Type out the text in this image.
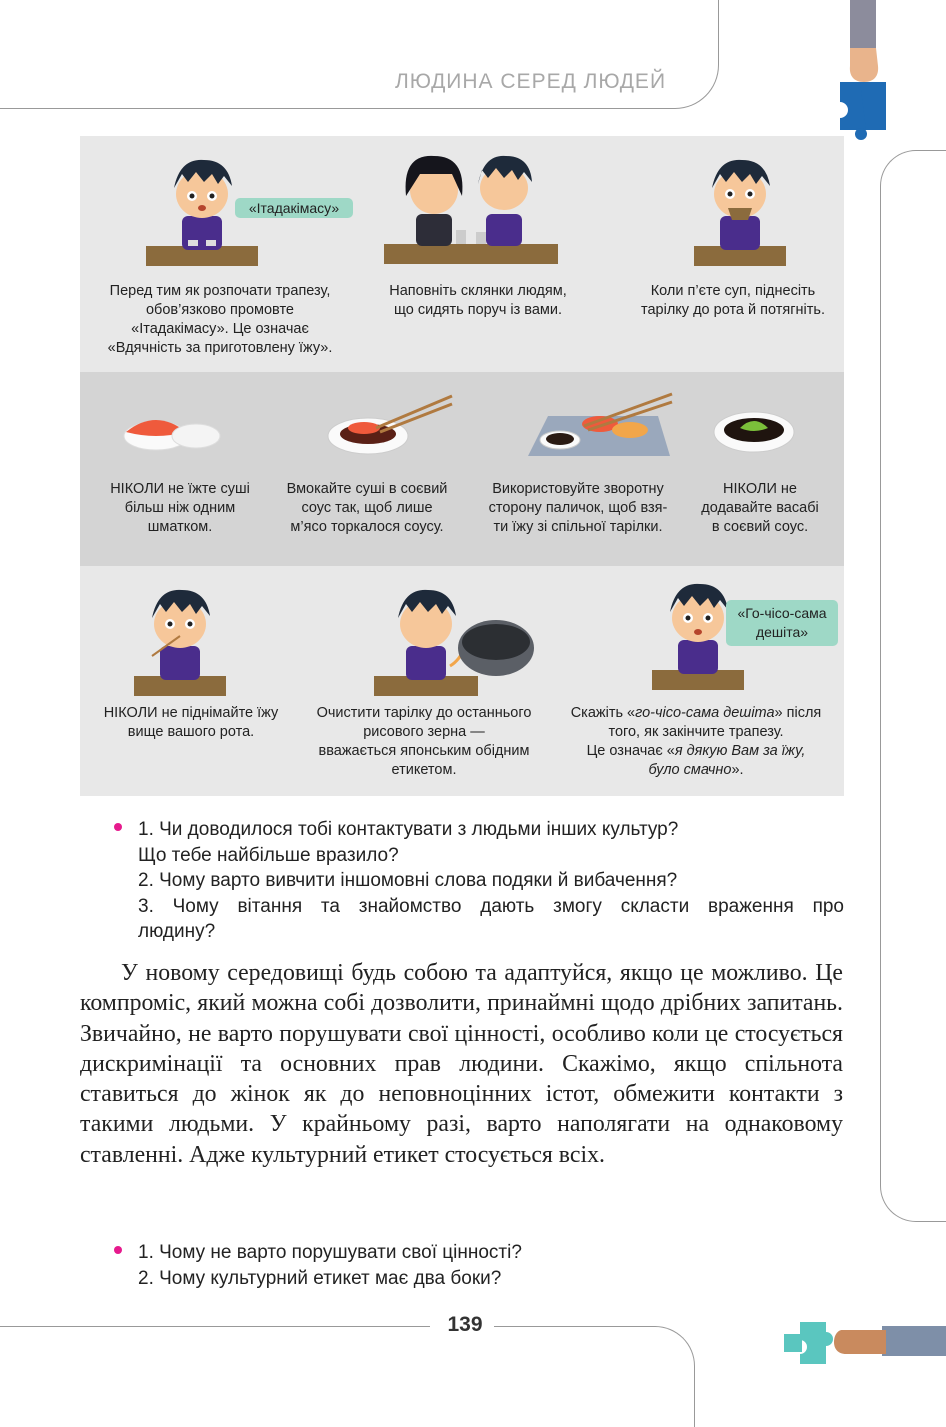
ЛЮДИНА СЕРЕД ЛЮДЕЙ
«Ітадакімасу»
Перед тим як розпочати трапезу,
обов’язково промовте
«Ітадакімасу». Це означає
«Вдячність за приготовлену їжу».
Наповніть склянки людям,
що сидять поруч із вами.
Коли п’єте суп, піднесіть
тарілку до рота й потягніть.
НІКОЛИ не їжте суші
більш ніж одним
шматком.
Вмокайте суші в соєвий
соус так, щоб лише
м’ясо торкалося соусу.
Використовуйте зворотну
сторону паличок, щоб взя-
ти їжу зі спільної тарілки.
НІКОЛИ не
додавайте васабі
в соєвий соус.
«Го-чісо-сама
дешіта»
НІКОЛИ не піднімайте їжу
вище вашого рота.
Очистити тарілку до останнього
рисового зерна —
вважається японським обідним
етикетом.
Скажіть «го-чісо-сама дешіта» після
того, як закінчите трапезу.
Це означає «я дякую Вам за їжу,
було смачно».
1. Чи доводилося тобі контактувати з людьми інших культур?
Що тебе найбільше вразило?
2. Чому варто вивчити іншомовні слова подяки й вибачення?
3. Чому вітання та знайомство дають змогу скласти враження про
людину?

У новому середовищі будь собою та адаптуйся, якщо це можливо. Це компроміс, який можна собі дозволити, принаймні щодо дрібних запитань. Звичайно, не варто порушувати свої цінності, особливо коли це стосується дискримінації та основних прав людини. Скажімо, якщо спільнота ставиться до жінок як до неповноцінних істот, обмежити контакти з такими людьми. У крайньому разі, варто наполягати на однаковому ставленні. Адже культурний етикет стосується всіх.

1. Чому не варто порушувати свої цінності?
2. Чому культурний етикет має два боки?
139
